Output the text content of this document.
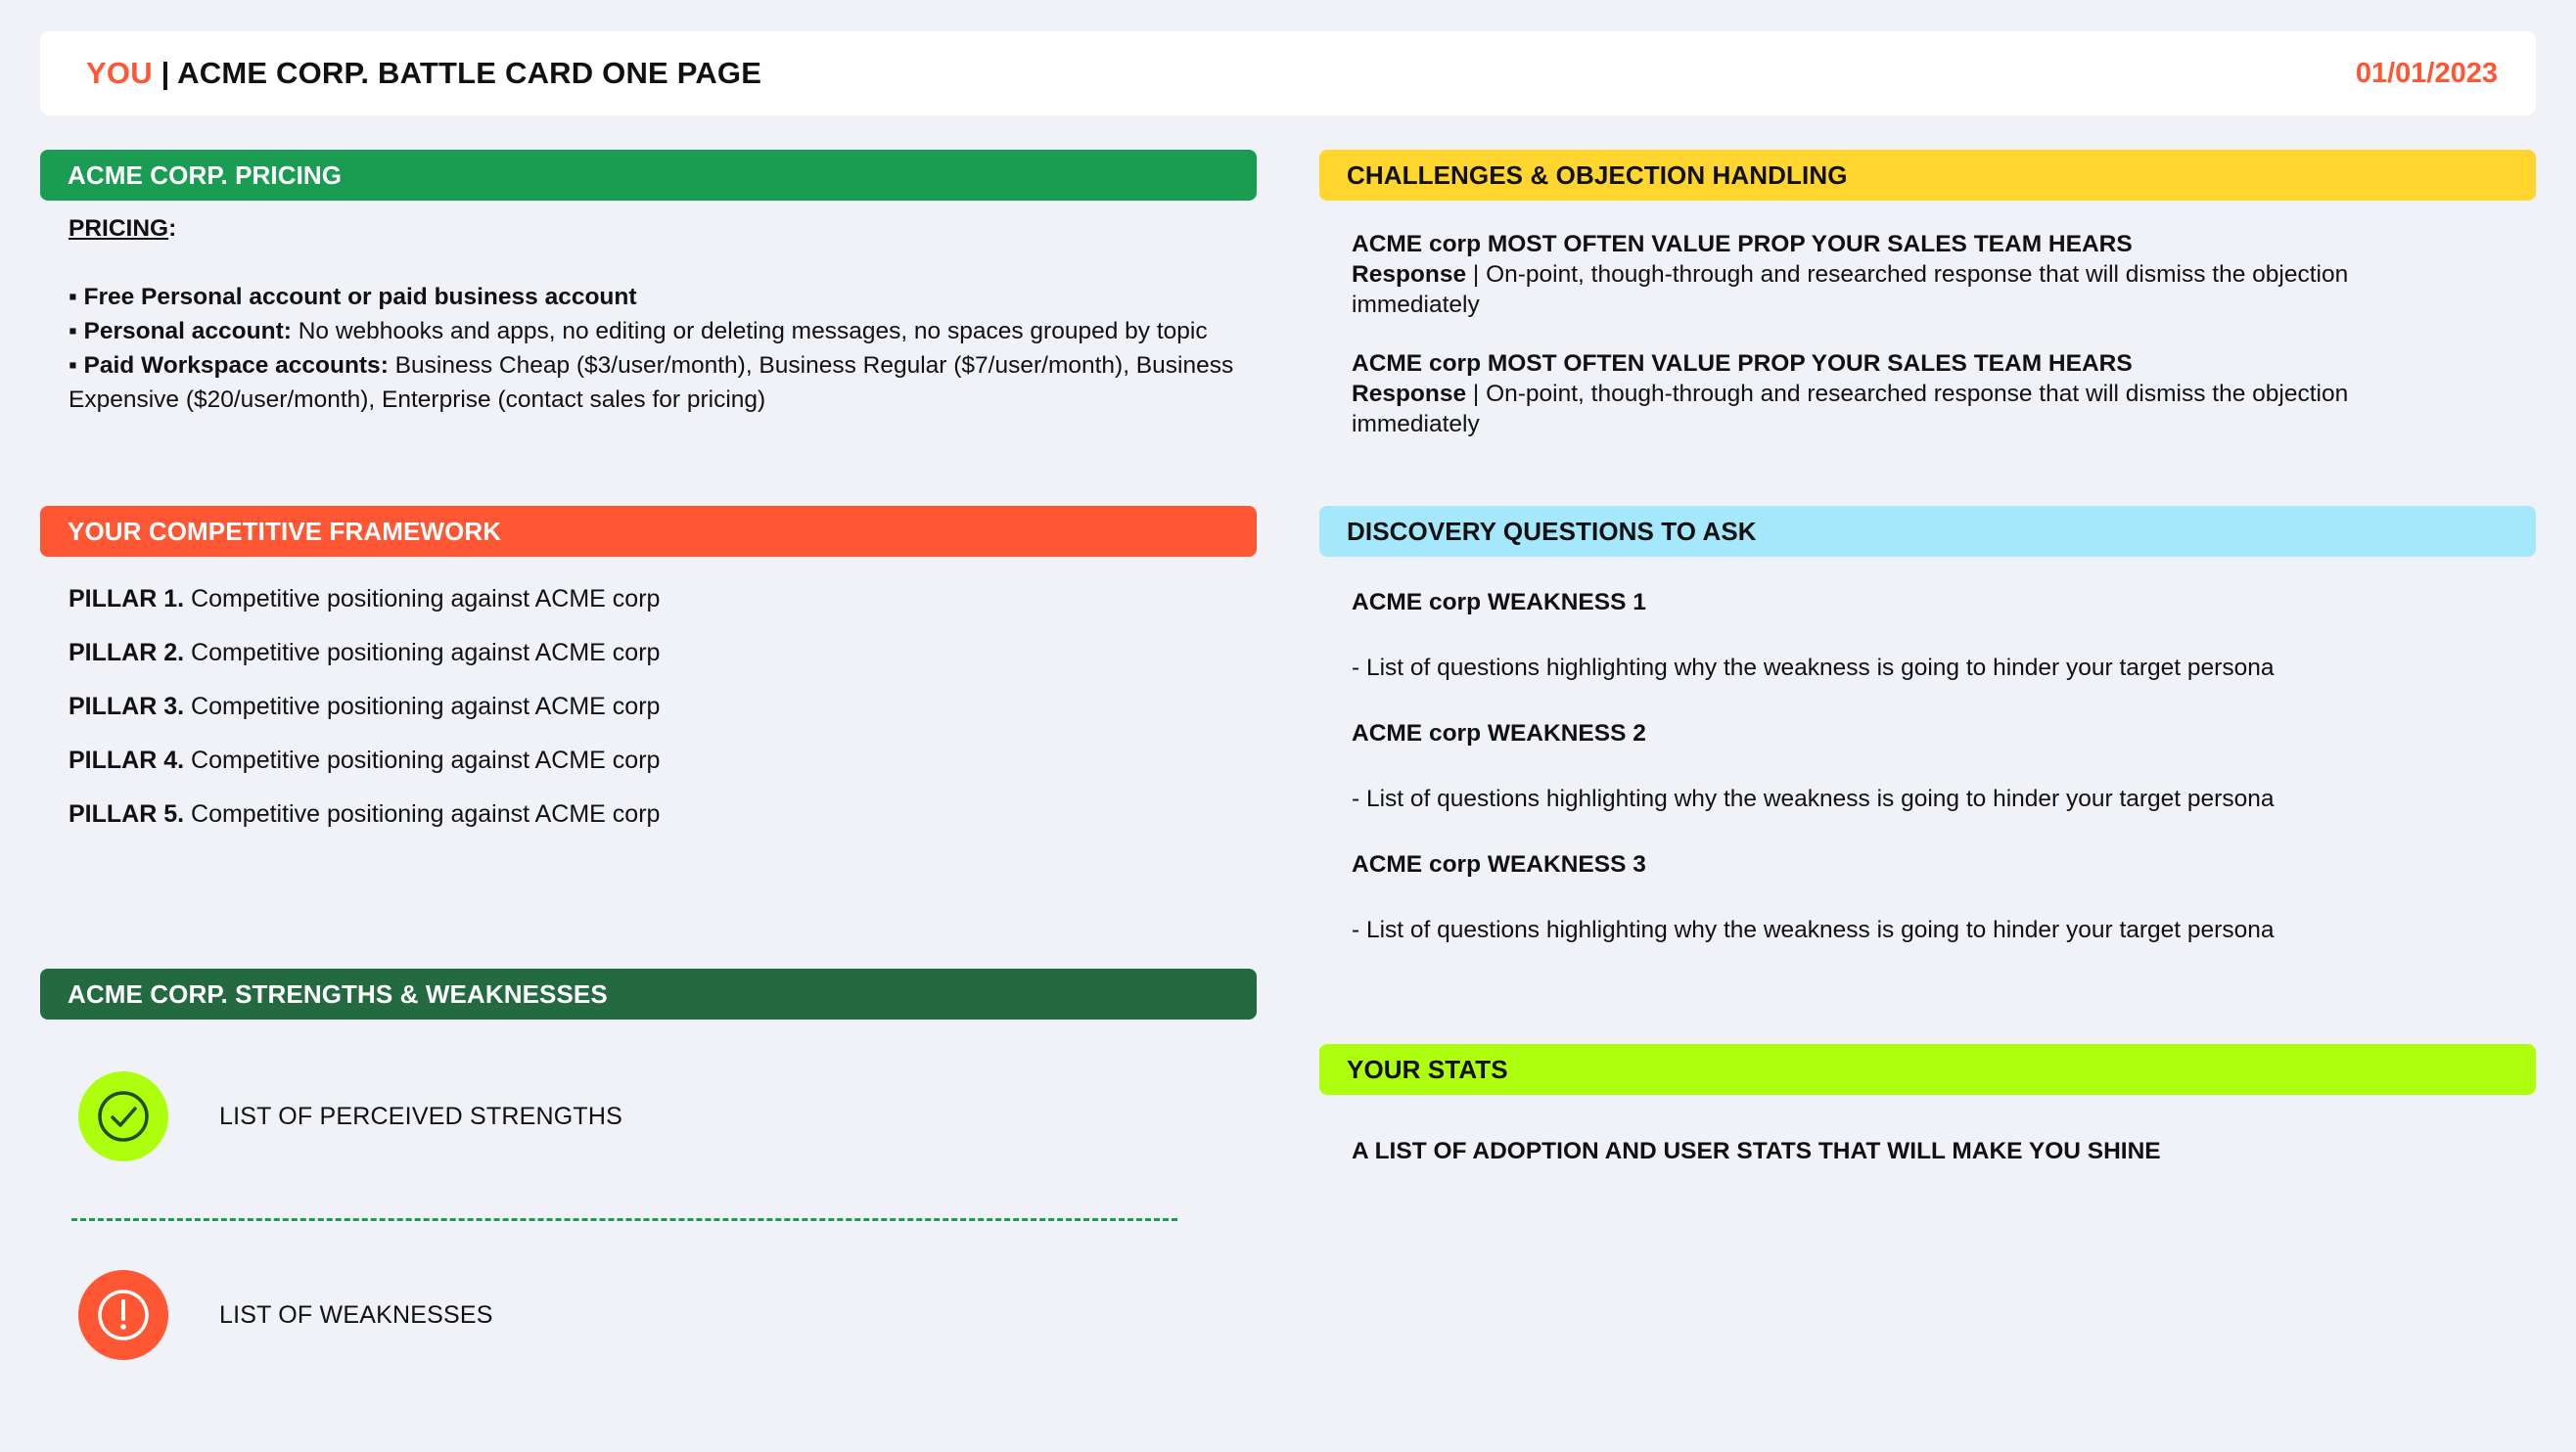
YOU | ACME CORP. BATTLE CARD ONE PAGE	01/01/2023
ACME CORP. PRICING
PRICING:
▪ Free Personal account or paid business account
▪ Personal account: No webhooks and apps, no editing or deleting messages, no spaces grouped by topic
▪ Paid Workspace accounts: Business Cheap ($3/user/month), Business Regular ($7/user/month), Business Expensive ($20/user/month), Enterprise (contact sales for pricing)
YOUR COMPETITIVE FRAMEWORK
PILLAR 1. Competitive positioning against ACME corp
PILLAR 2. Competitive positioning against ACME corp
PILLAR 3. Competitive positioning against ACME corp
PILLAR 4. Competitive positioning against ACME corp
PILLAR 5. Competitive positioning against ACME corp
ACME CORP. STRENGTHS & WEAKNESSES
LIST OF PERCEIVED STRENGTHS
LIST OF WEAKNESSES
CHALLENGES & OBJECTION HANDLING
ACME corp MOST OFTEN VALUE PROP YOUR SALES TEAM HEARS
Response | On-point, though-through and researched response that will dismiss the objection immediately
ACME corp MOST OFTEN VALUE PROP YOUR SALES TEAM HEARS
Response | On-point, though-through and researched response that will dismiss the objection immediately
DISCOVERY QUESTIONS TO ASK
ACME corp WEAKNESS 1
- List of questions highlighting why the weakness is going to hinder your target persona
ACME corp WEAKNESS 2
- List of questions highlighting why the weakness is going to hinder your target persona
ACME corp WEAKNESS 3
- List of questions highlighting why the weakness is going to hinder your target persona
YOUR STATS
A LIST OF ADOPTION AND USER STATS THAT WILL MAKE YOU SHINE
